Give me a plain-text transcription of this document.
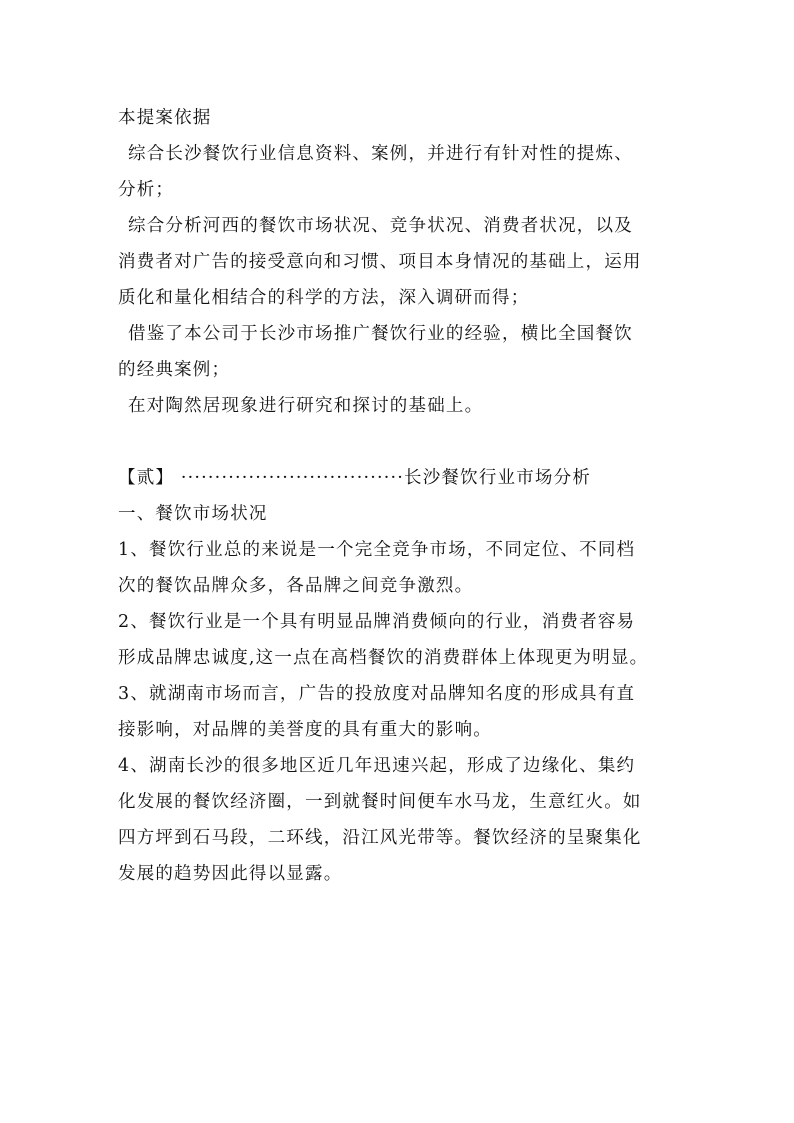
本提案依据
综合长沙餐饮行业信息资料、案例，并进行有针对性的提炼、
分析；
综合分析河西的餐饮市场状况、竞争状况、消费者状况，以及
消费者对广告的接受意向和习惯、项目本身情况的基础上，运用
质化和量化相结合的科学的方法，深入调研而得；
借鉴了本公司于长沙市场推广餐饮行业的经验，横比全国餐饮
的经典案例；
在对陶然居现象进行研究和探讨的基础上。
【贰】 ·································长沙餐饮行业市场分析
一、餐饮市场状况
1、餐饮行业总的来说是一个完全竞争市场，不同定位、不同档
次的餐饮品牌众多，各品牌之间竞争激烈。
2、餐饮行业是一个具有明显品牌消费倾向的行业，消费者容易
形成品牌忠诚度,这一点在高档餐饮的消费群体上体现更为明显。
3、就湖南市场而言，广告的投放度对品牌知名度的形成具有直
接影响，对品牌的美誉度的具有重大的影响。
4、湖南长沙的很多地区近几年迅速兴起，形成了边缘化、集约
化发展的餐饮经济圈，一到就餐时间便车水马龙，生意红火。如
四方坪到石马段，二环线，沿江风光带等。餐饮经济的呈聚集化
发展的趋势因此得以显露。
